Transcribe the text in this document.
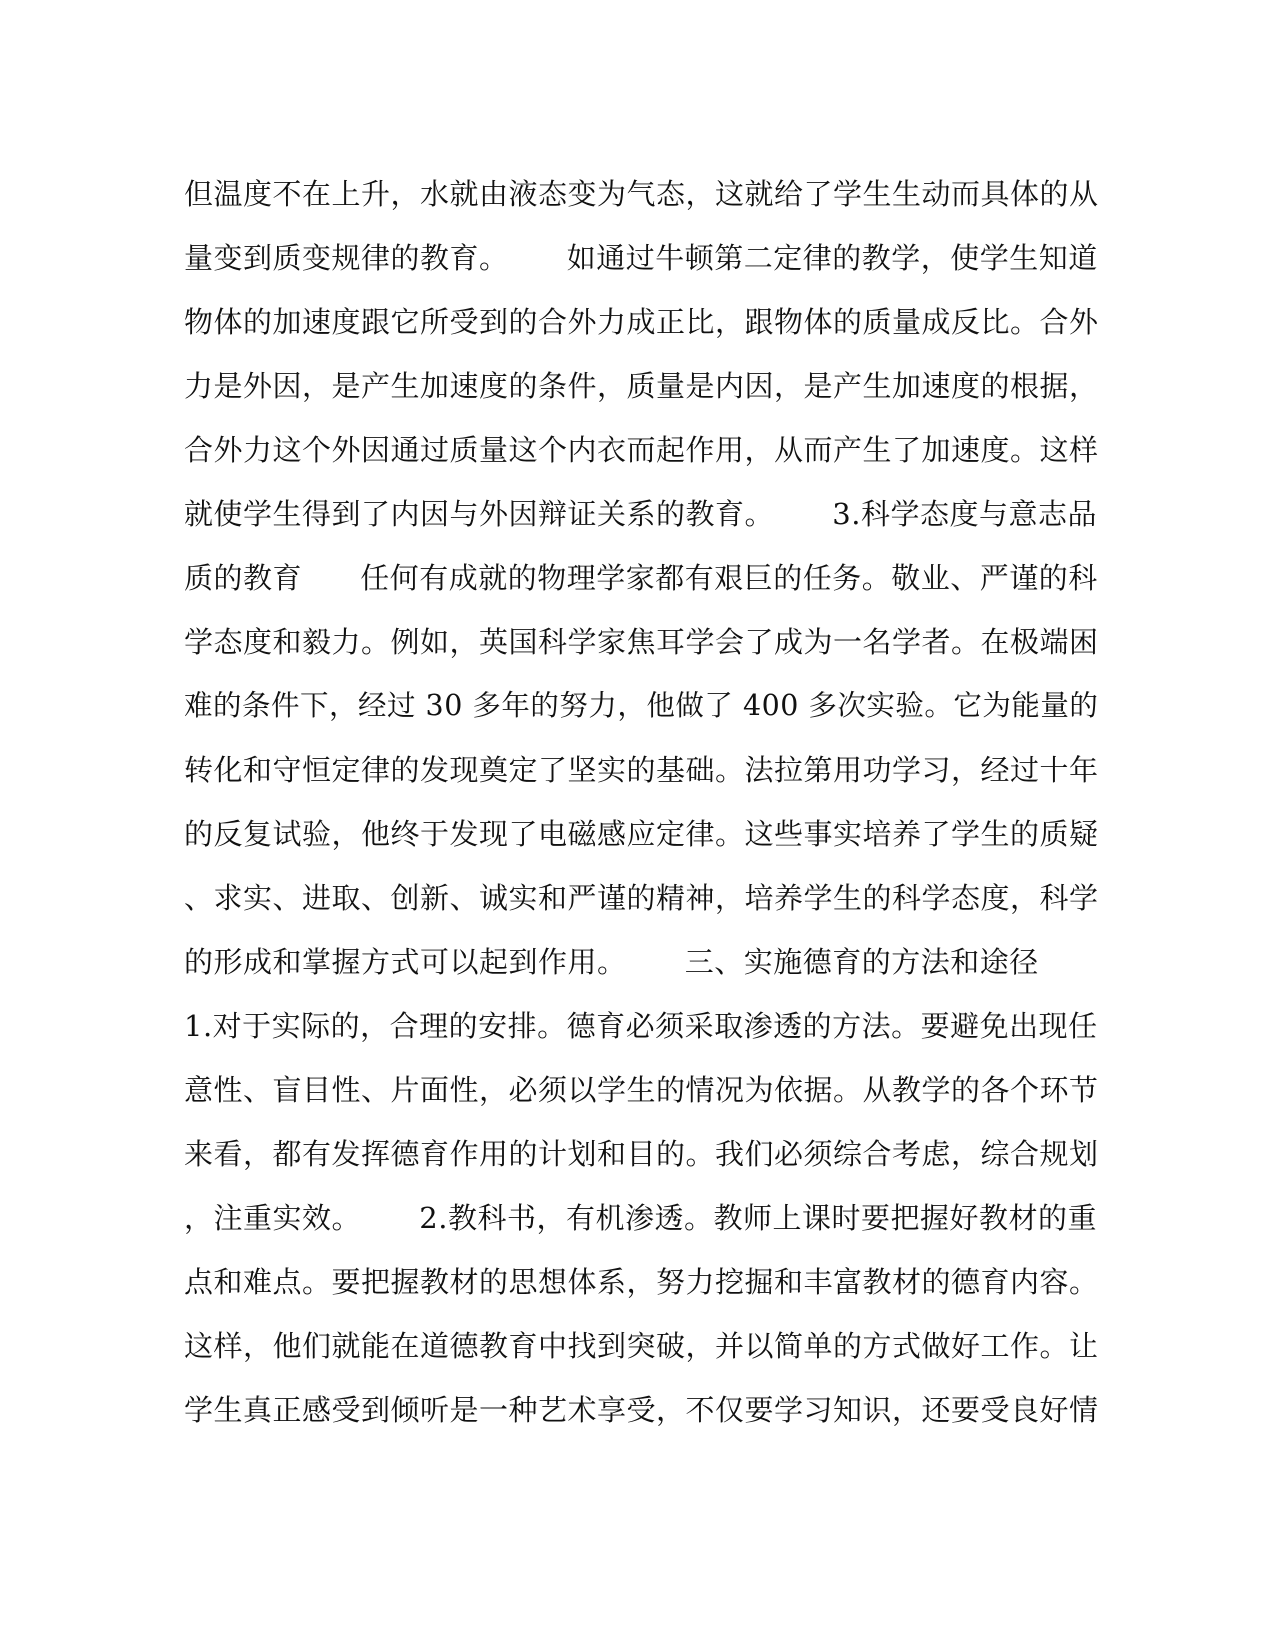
但温度不在上升，水就由液态变为气态，这就给了学生生动而具体的从
量变到质变规律的教育。      如通过牛顿第二定律的教学，使学生知道
物体的加速度跟它所受到的合外力成正比，跟物体的质量成反比。合外
力是外因，是产生加速度的条件，质量是内因，是产生加速度的根据，
合外力这个外因通过质量这个内衣而起作用，从而产生了加速度。这样
就使学生得到了内因与外因辩证关系的教育。      3.科学态度与意志品
质的教育      任何有成就的物理学家都有艰巨的任务。敬业、严谨的科
学态度和毅力。例如，英国科学家焦耳学会了成为一名学者。在极端困
难的条件下，经过 30 多年的努力，他做了 400 多次实验。它为能量的
转化和守恒定律的发现奠定了坚实的基础。法拉第用功学习，经过十年
的反复试验，他终于发现了电磁感应定律。这些事实培养了学生的质疑
、求实、进取、创新、诚实和严谨的精神，培养学生的科学态度，科学
的形成和掌握方式可以起到作用。      三、实施德育的方法和途径
1.对于实际的，合理的安排。德育必须采取渗透的方法。要避免出现任
意性、盲目性、片面性，必须以学生的情况为依据。从教学的各个环节
来看，都有发挥德育作用的计划和目的。我们必须综合考虑，综合规划
，注重实效。      2.教科书，有机渗透。教师上课时要把握好教材的重
点和难点。要把握教材的思想体系，努力挖掘和丰富教材的德育内容。
这样，他们就能在道德教育中找到突破，并以简单的方式做好工作。让
学生真正感受到倾听是一种艺术享受，不仅要学习知识，还要受良好情
